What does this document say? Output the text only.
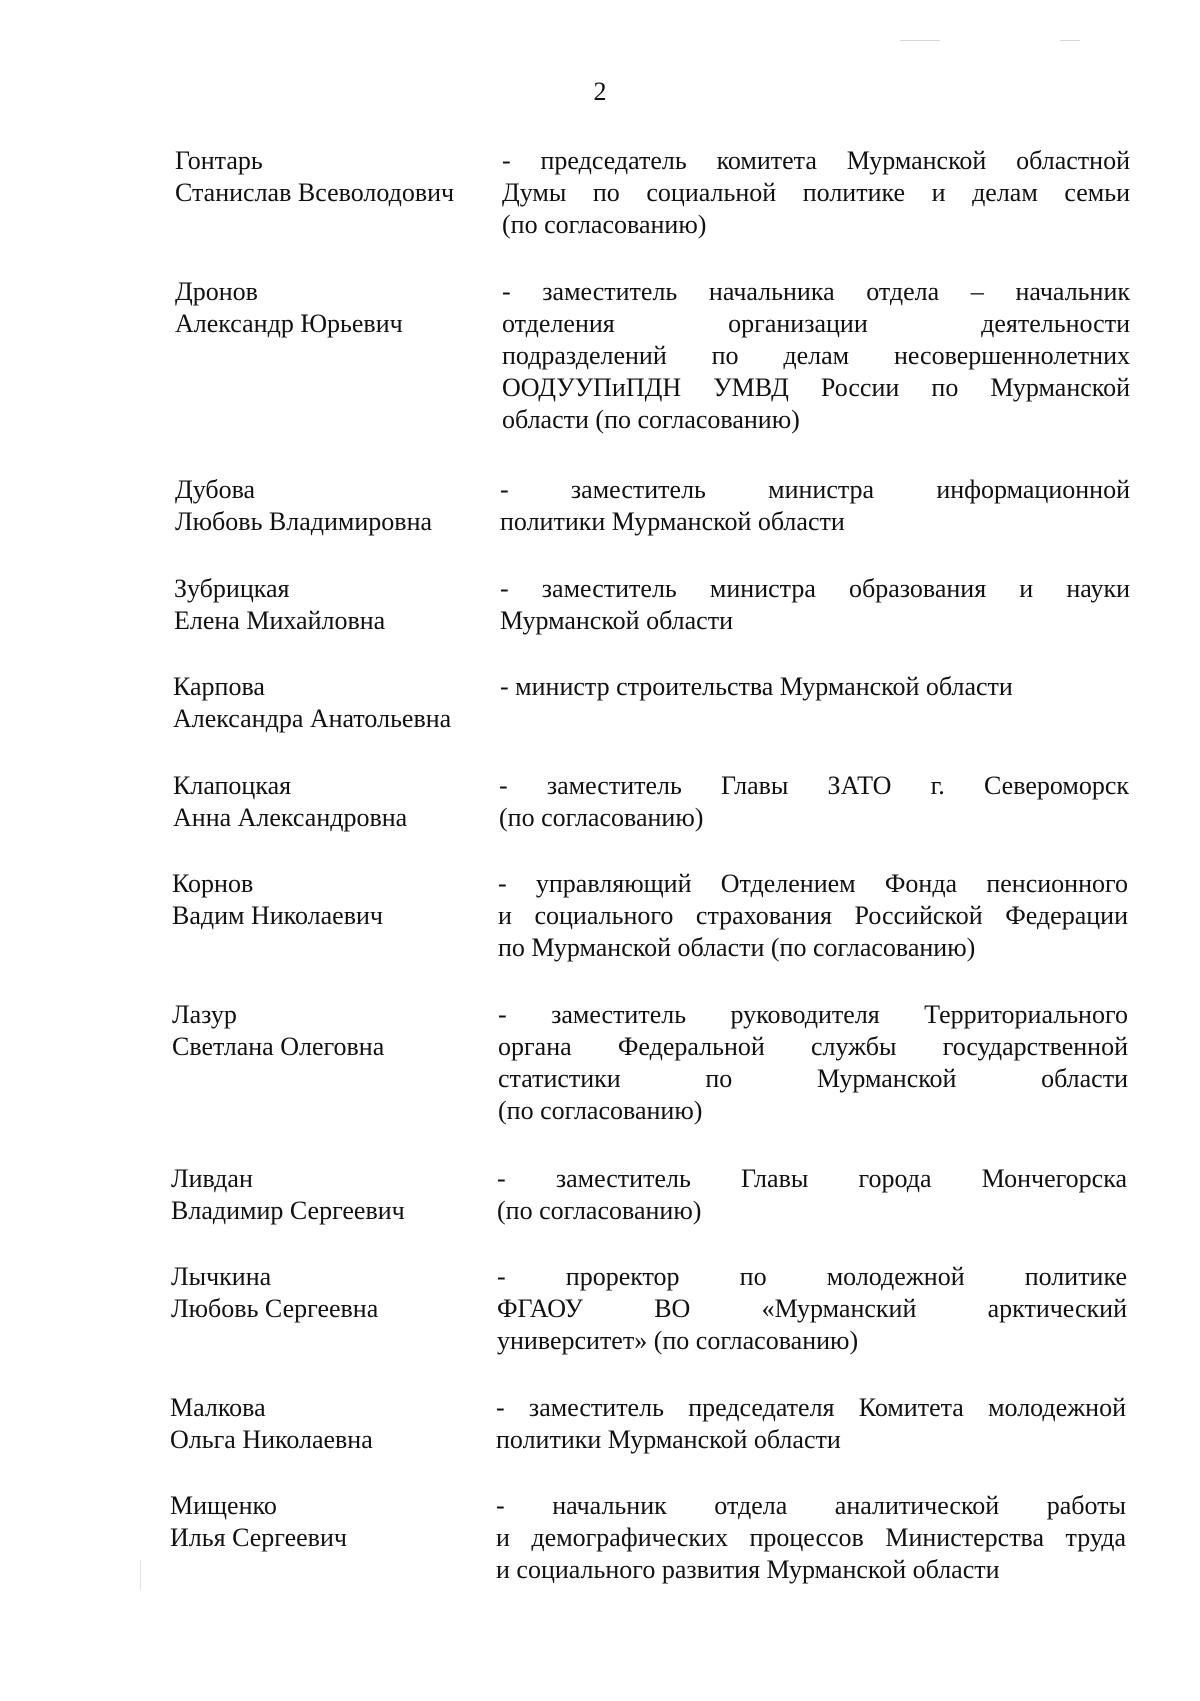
2
Гонтарь
Станислав Всеволодович
- председатель комитета Мурманской областной
Думы по социальной политике и делам семьи
(по согласованию)
Дронов
Александр Юрьевич
- заместитель начальника отдела – начальник
отделения организации деятельности
подразделений по делам несовершеннолетних
ООДУУПиПДН УМВД России по Мурманской
области (по согласованию)
Дубова
Любовь Владимировна
- заместитель министра информационной
политики Мурманской области
Зубрицкая
Елена Михайловна
- заместитель министра образования и науки
Мурманской области
Карпова
Александра Анатольевна
- министр строительства Мурманской области
Клапоцкая
Анна Александровна
- заместитель Главы ЗАТО г. Североморск
(по согласованию)
Корнов
Вадим Николаевич
- управляющий Отделением Фонда пенсионного
и социального страхования Российской Федерации
по Мурманской области (по согласованию)
Лазур
Светлана Олеговна
- заместитель руководителя Территориального
органа Федеральной службы государственной
статистики по Мурманской области
(по согласованию)
Ливдан
Владимир Сергеевич
- заместитель Главы города Мончегорска
(по согласованию)
Лычкина
Любовь Сергеевна
- проректор по молодежной политике
ФГАОУ ВО «Мурманский арктический
университет» (по согласованию)
Малкова
Ольга Николаевна
- заместитель председателя Комитета молодежной
политики Мурманской области
Мищенко
Илья Сергеевич
- начальник отдела аналитической работы
и демографических процессов Министерства труда
и социального развития Мурманской области
